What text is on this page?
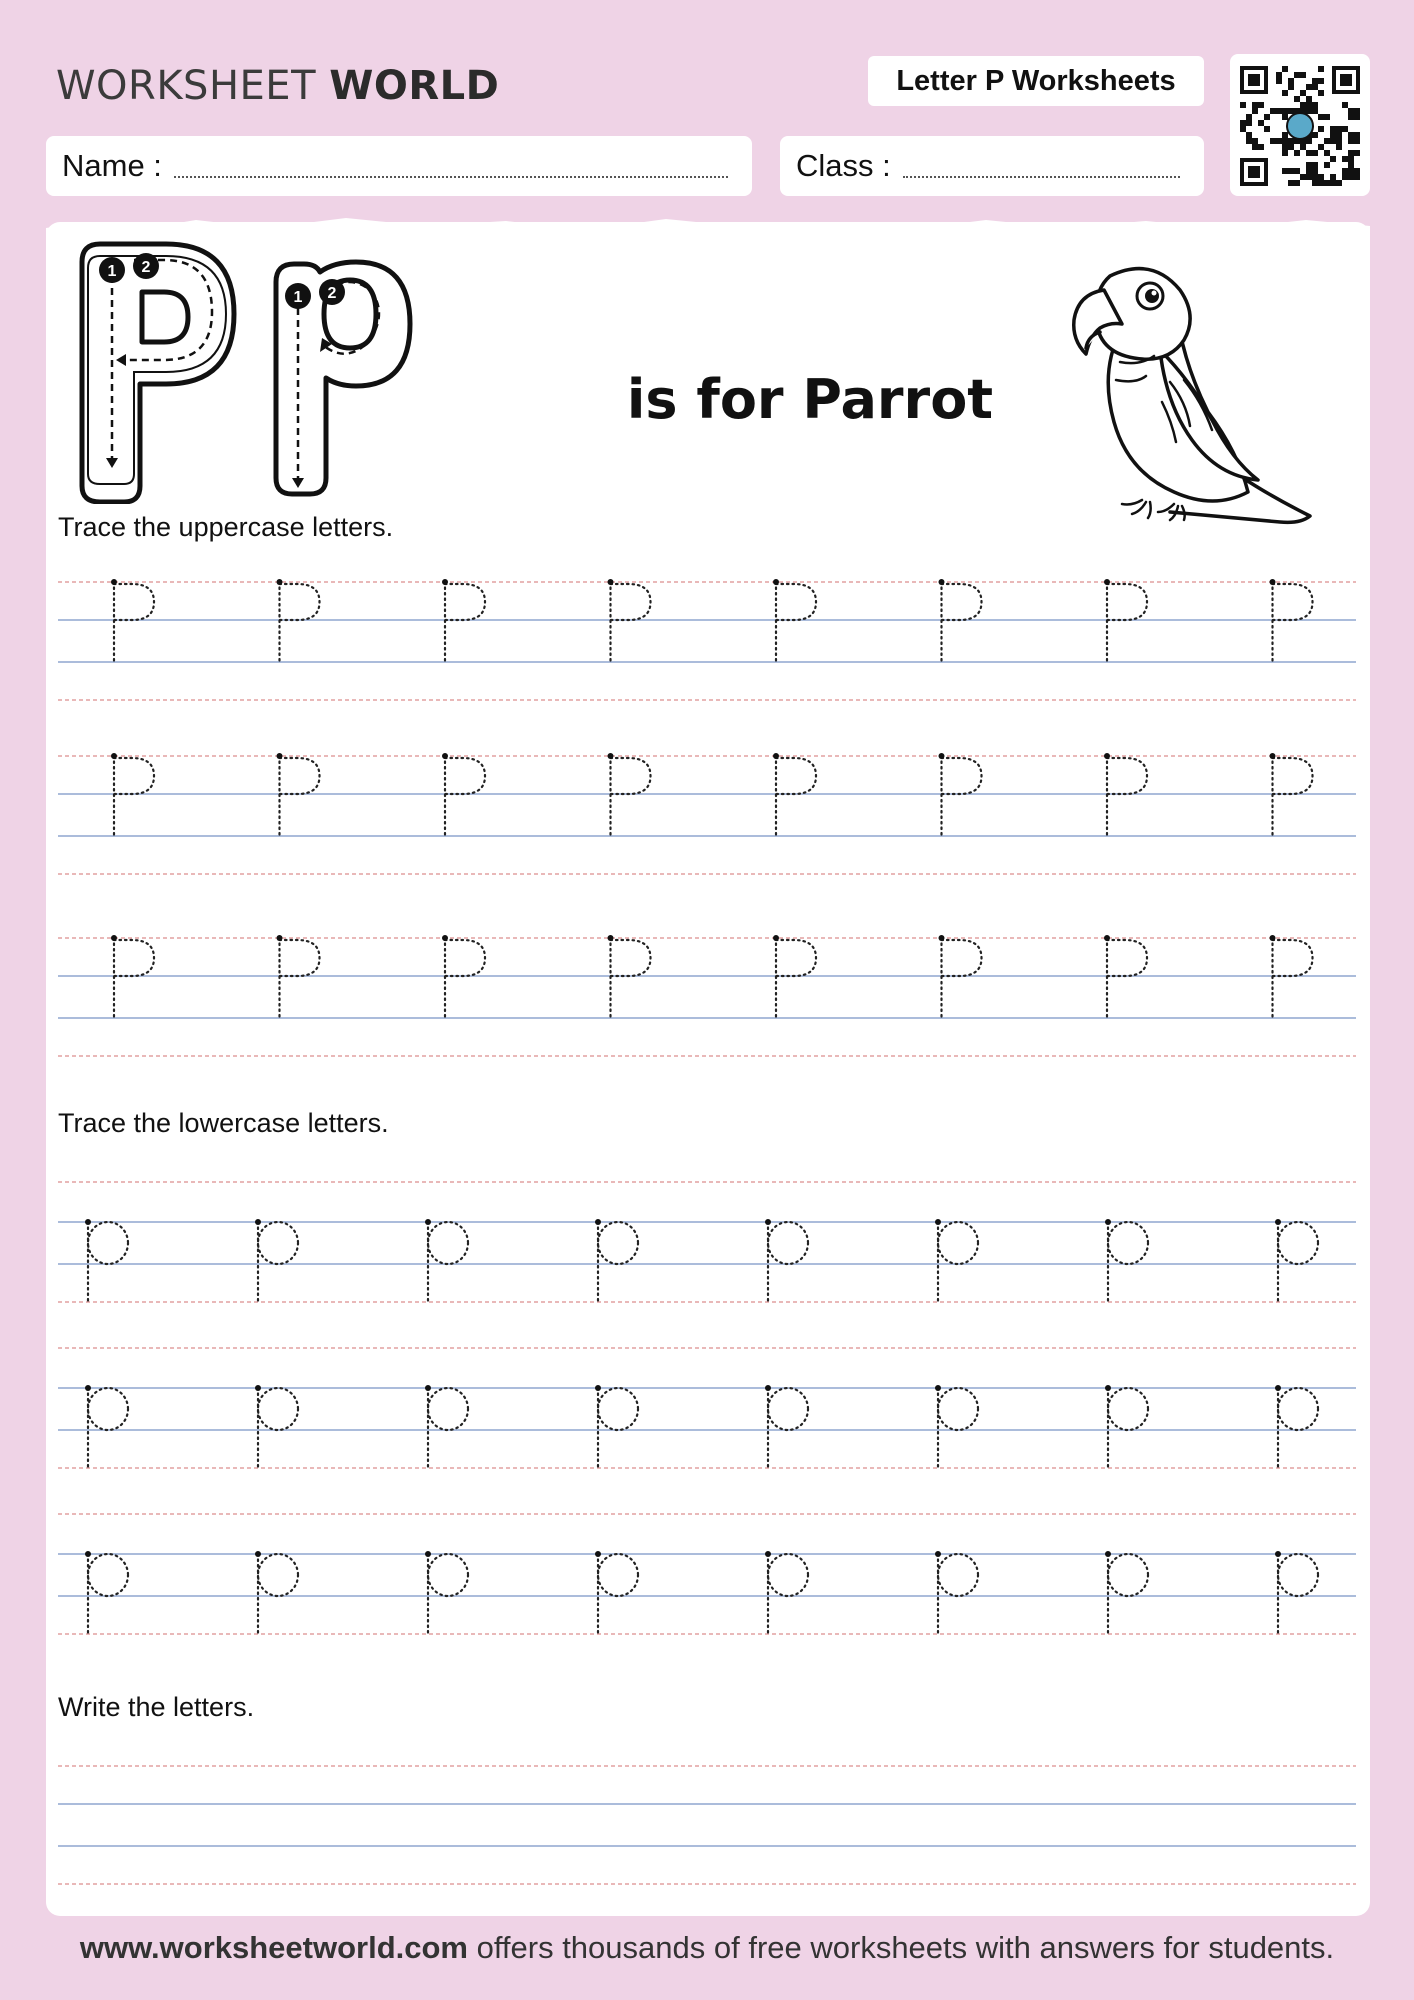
WORKSHEET WORLD	Letter P Worksheets
Name :	Class :
1 2
1 2
is for Parrot
Trace the uppercase letters.
Trace the lowercase letters.
Write the letters.
www.worksheetworld.com offers thousands of free worksheets with answers for students.
